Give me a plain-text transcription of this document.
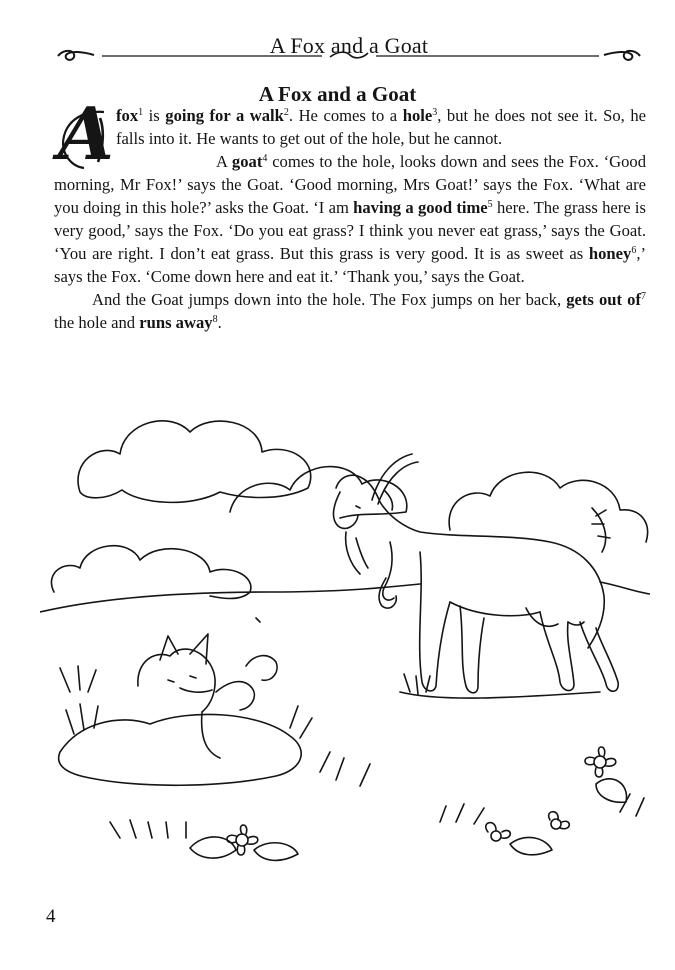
A Fox and a Goat
A Fox and a Goat
A fox$^1$ is going for a walk$^2$. He comes to a hole$^3$, but he does not see it. So, he falls into it. He wants to get out of the hole, but he cannot.

A goat$^4$ comes to the hole, looks down and sees the Fox. ‘Good morning, Mr Fox!’ says the Goat. ‘Good morning, Mrs Goat!’ says the Fox. ‘What are you doing in this hole?’ asks the Goat. ‘I am having a good time$^5$ here. The grass here is very good,’ says the Fox. ‘Do you eat grass? I think you never eat grass,’ says the Goat. ‘You are right. I don’t eat grass. But this grass is very good. It is as sweet as honey$^6$,’ says the Fox. ‘Come down here and eat it.’ ‘Thank you,’ says the Goat.

And the Goat jumps down into the hole. The Fox jumps on her back, gets out $of^7$ the hole and runs away$^8$.

4
